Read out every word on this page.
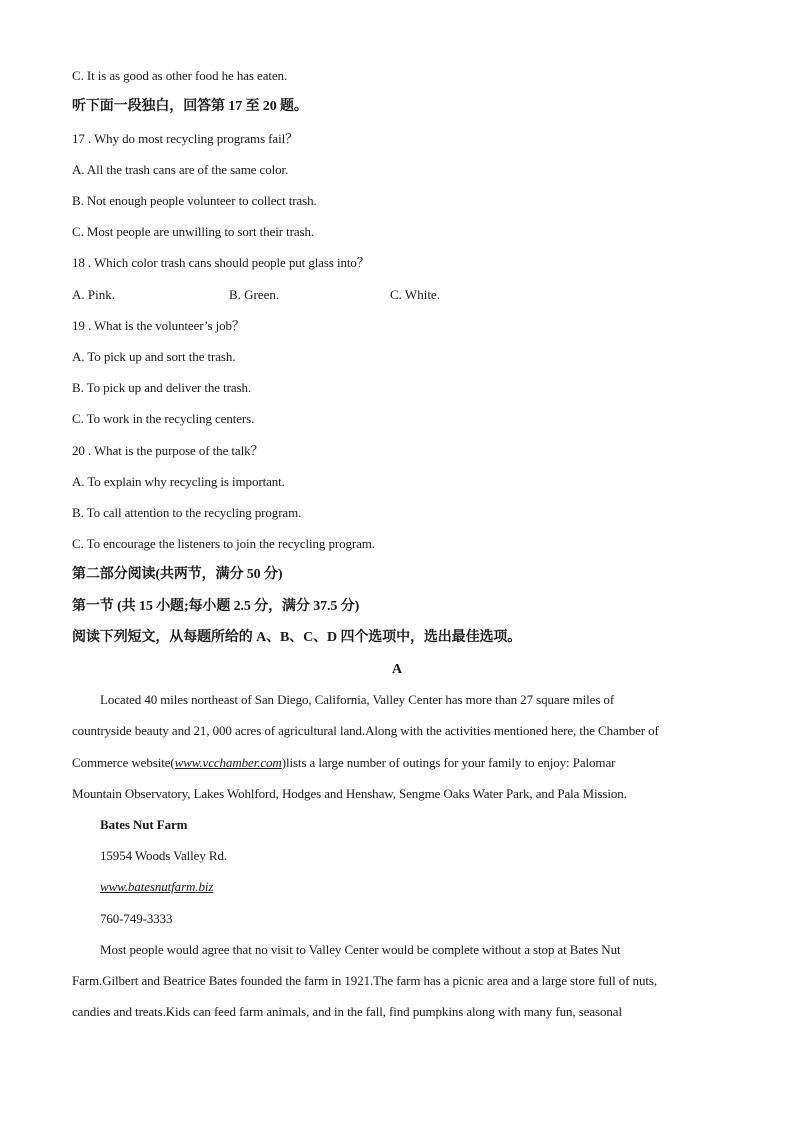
C. It is as good as other food he has eaten.
听下面一段独白，回答第 17 至 20 题。
17 . Why do most recycling programs fail？
A. All the trash cans are of the same color.
B. Not enough people volunteer to collect trash.
C. Most people are unwilling to sort their trash.
18 . Which color trash cans should people put glass into？
A. Pink.	B. Green.	C. White.
19 . What is the volunteer’s job？
A. To pick up and sort the trash.
B. To pick up and deliver the trash.
C. To work in the recycling centers.
20 . What is the purpose of the talk？
A. To explain why recycling is important.
B. To call attention to the recycling program.
C. To encourage the listeners to join the recycling program.
第二部分阅读(共两节，满分 50 分)
第一节 (共 15 小题;每小题 2.5 分，满分 37.5 分)
阅读下列短文，从每题所给的 A、B、C、D 四个选项中，选出最佳选项。
A
Located 40 miles northeast of San Diego, California, Valley Center has more than 27 square miles of
countryside beauty and 21, 000 acres of agricultural land.Along with the activities mentioned here, the Chamber of
Commerce website(www.vcchamber.com)lists a large number of outings for your family to enjoy: Palomar
Mountain Observatory, Lakes Wohlford, Hodges and Henshaw, Sengme Oaks Water Park, and Pala Mission.
Bates Nut Farm
15954 Woods Valley Rd.
www.batesnutfarm.biz
760-749-3333
Most people would agree that no visit to Valley Center would be complete without a stop at Bates Nut
Farm.Gilbert and Beatrice Bates founded the farm in 1921.The farm has a picnic area and a large store full of nuts,
candies and treats.Kids can feed farm animals, and in the fall, find pumpkins along with many fun, seasonal
